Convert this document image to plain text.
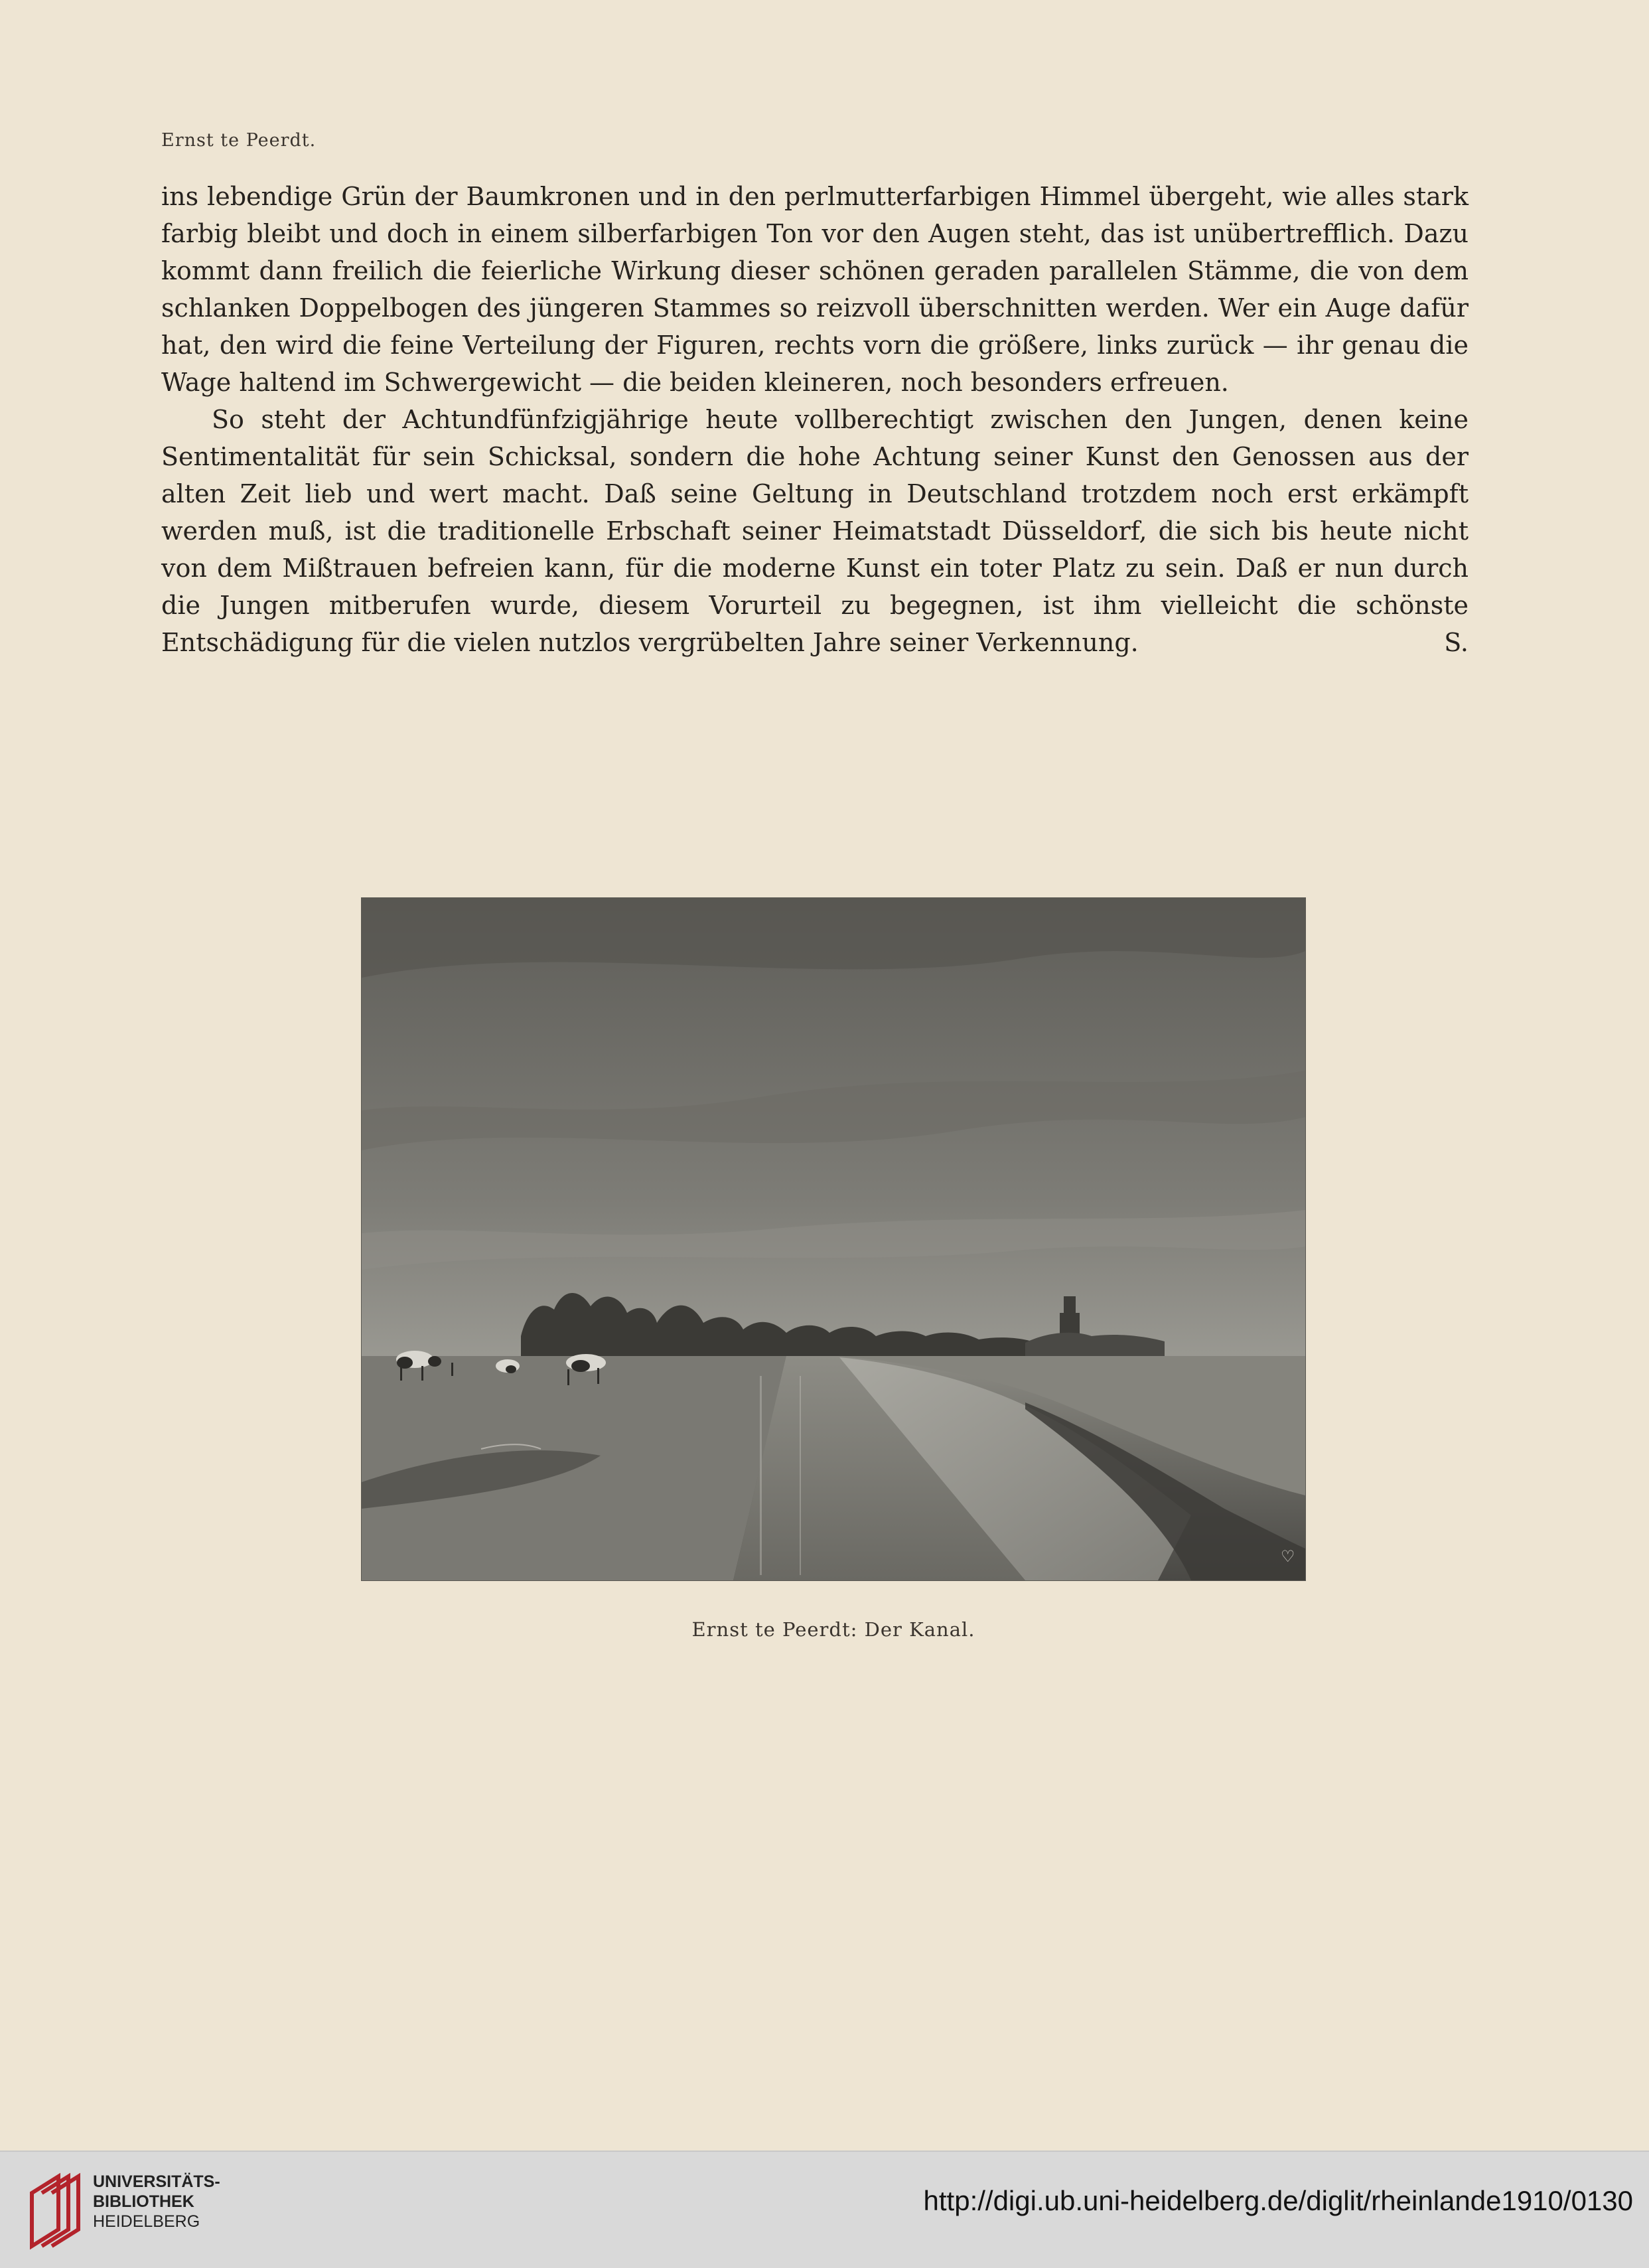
Ernst te Peerdt.

ins lebendige Grün der Baumkronen und in den perlmutterfarbigen Himmel übergeht, wie alles stark farbig bleibt und doch in einem silberfarbigen Ton vor den Augen steht, das ist unübertrefflich. Dazu kommt dann freilich die feierliche Wirkung dieser schönen geraden parallelen Stämme, die von dem schlanken Doppelbogen des jüngeren Stammes so reizvoll überschnitten werden. Wer ein Auge dafür hat, den wird die feine Verteilung der Figuren, rechts vorn die größere, links zurück — ihr genau die Wage haltend im Schwergewicht — die beiden kleineren, noch besonders erfreuen.

So steht der Achtundfünfzigjährige heute vollberechtigt zwischen den Jungen, denen keine Sentimentalität für sein Schicksal, sondern die hohe Achtung seiner Kunst den Genossen aus der alten Zeit lieb und wert macht. Daß seine Geltung in Deutschland trotzdem noch erst erkämpft werden muß, ist die traditionelle Erbschaft seiner Heimatstadt Düsseldorf, die sich bis heute nicht von dem Mißtrauen befreien kann, für die moderne Kunst ein toter Platz zu sein. Daß er nun durch die Jungen mitberufen wurde, diesem Vorurteil zu begegnen, ist ihm vielleicht die schönste Entschädigung für die vielen nutzlos vergrübelten Jahre seiner Verkennung.	S.

♡
Ernst te Peerdt: Der Kanal.
UNIVERSITÄTS-
BIBLIOTHEK
HEIDELBERG
http://digi.ub.uni-heidelberg.de/diglit/rheinlande1910/0130
